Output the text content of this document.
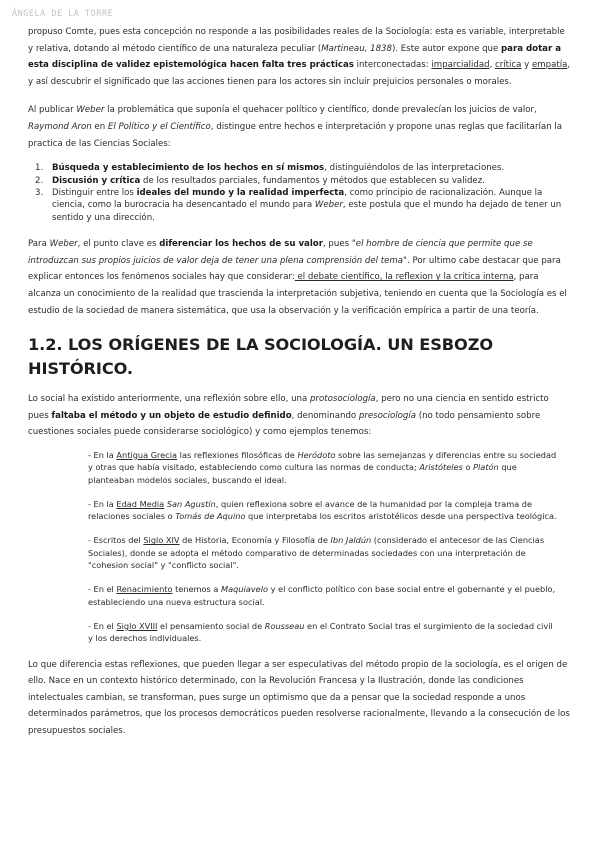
ÁNGELA DE LA TORRE

propuso Comte, pues esta concepción no responde a las posibilidades reales de la Sociología: esta es variable, interpretable y relativa, dotando al método científico de una naturaleza peculiar (Martineau, 1838). Este autor expone que para dotar a esta disciplina de validez epistemológica hacen falta tres prácticas interconectadas: imparcialidad, crítica y empatía, y así descubrir el significado que las acciones tienen para los actores sin incluir prejuicios personales o morales.

Al publicar Weber la problemática que suponía el quehacer político y científico, donde prevalecían los juicios de valor, Raymond Aron en El Político y el Científico, distingue entre hechos e interpretación y propone unas reglas que facilitarían la practica de las Ciencias Sociales:

1. Búsqueda y establecimiento de los hechos en sí mismos, distinguiéndolos de las interpretaciones.
2. Discusión y crítica de los resultados parciales, fundamentos y métodos que establecen su validez.
3. Distinguir entre los ideales del mundo y la realidad imperfecta, como principio de racionalización. Aunque la ciencia, como la burocracia ha desencantado el mundo para Weber, este postula que el mundo ha dejado de tener un sentido y una dirección.

Para Weber, el punto clave es diferenciar los hechos de su valor, pues "el hombre de ciencia que permite que se introduzcan sus propios juicios de valor deja de tener una plena comprensión del tema". Por ultimo cabe destacar que para explicar entonces los fenómenos sociales hay que considerar: el debate científico, la reflexion y la crítica interna, para alcanza un conocimiento de la realidad que trascienda la interpretación subjetiva, teniendo en cuenta que la Sociología es el estudio de la sociedad de manera sistemática, que usa la observación y la verificación empírica a partir de una teoría.

1.2. LOS ORÍGENES DE LA SOCIOLOGÍA. UN ESBOZO HISTÓRICO.

Lo social ha existido anteriormente, una reflexión sobre ello, una protosociología, pero no una ciencia en sentido estricto pues faltaba el método y un objeto de estudio definido, denominando presociología (no todo pensamiento sobre cuestiones sociales puede considerarse sociológico) y como ejemplos tenemos:

- En la Antigua Grecia las reflexiones filosóficas de Heródoto sobre las semejanzas y diferencias entre su sociedad y otras que había visitado, estableciendo como cultura las normas de conducta; Aristóteles o Platón que planteaban modelos sociales, buscando el ideal.
- En la Edad Media San Agustín, quien reflexiona sobre el avance de la humanidad por la compleja trama de relaciones sociales o Tomás de Aquino que interpretaba los escritos aristotélicos desde una perspectiva teológica.
- Escritos del Siglo XIV de Historia, Economía y Filosofía de Ibn Jaldún (considerado el antecesor de las Ciencias Sociales), donde se adopta el método comparativo de determinadas sociedades con una interpretación de "cohesion social" y "conflicto social".
- En el Renacimiento tenemos a Maquiavelo y el conflicto político con base social entre el gobernante y el pueblo, estableciendo una nueva estructura social.
- En el Siglo XVIII el pensamiento social de Rousseau en el Contrato Social tras el surgimiento de la sociedad civil y los derechos individuales.

Lo que diferencia estas reflexiones, que pueden llegar a ser especulativas del método propio de la sociología, es el origen de ello. Nace en un contexto histórico determinado, con la Revolución Francesa y la Ilustración, donde las condiciones intelectuales cambian, se transforman, pues surge un optimismo que da a pensar que la sociedad responde a unos determinados parámetros, que los procesos democráticos pueden resolverse racionalmente, llevando a la consecución de los presupuestos sociales.
